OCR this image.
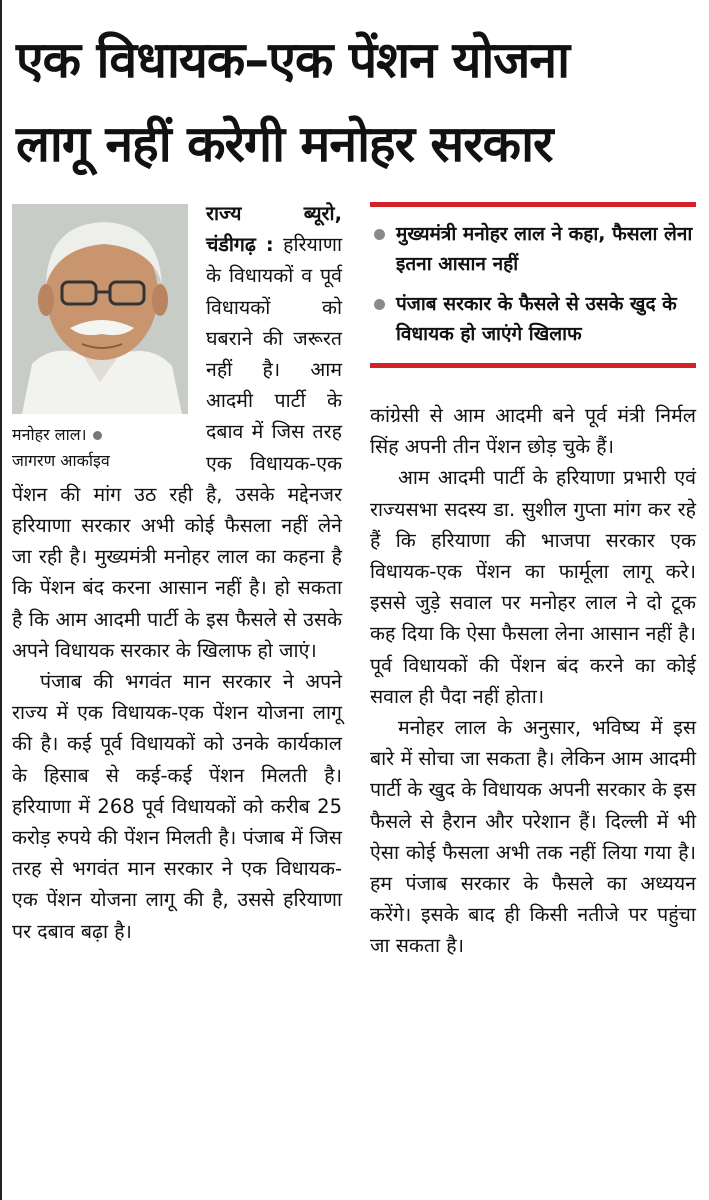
एक विधायक–एक पेंशन योजना
लागू नहीं करेगी मनोहर सरकार
मनोहर लाल।
जागरण आर्काइव

राज्य ब्यूरो, चंडीगढ़ : हरियाणा के विधायकों व पूर्व विधायकों को घबराने की जरूरत नहीं है। आम आदमी पार्टी के दबाव में जिस तरह एक विधायक-एक पेंशन की मांग उठ रही है, उसके मद्देनजर हरियाणा सरकार अभी कोई फैसला नहीं लेने जा रही है। मुख्यमंत्री मनोहर लाल का कहना है कि पेंशन बंद करना आसान नहीं है। हो सकता है कि आम आदमी पार्टी के इस फैसले से उसके अपने विधायक सरकार के खिलाफ हो जाएं।

पंजाब की भगवंत मान सरकार ने अपने राज्य में एक विधायक-एक पेंशन योजना लागू की है। कई पूर्व विधायकों को उनके कार्यकाल के हिसाब से कई-कई पेंशन मिलती है। हरियाणा में 268 पूर्व विधायकों को करीब 25 करोड़ रुपये की पेंशन मिलती है। पंजाब में जिस तरह से भगवंत मान सरकार ने एक विधायक-एक पेंशन योजना लागू की है, उससे हरियाणा पर दबाव बढ़ा है।

मुख्यमंत्री मनोहर लाल ने कहा, फैसला लेना इतना आसान नहीं
पंजाब सरकार के फैसले से उसके खुद के विधायक हो जाएंगे खिलाफ

कांग्रेसी से आम आदमी बने पूर्व मंत्री निर्मल सिंह अपनी तीन पेंशन छोड़ चुके हैं।

आम आदमी पार्टी के हरियाणा प्रभारी एवं राज्यसभा सदस्य डा. सुशील गुप्ता मांग कर रहे हैं कि हरियाणा की भाजपा सरकार एक विधायक-एक पेंशन का फार्मूला लागू करे। इससे जुड़े सवाल पर मनोहर लाल ने दो टूक कह दिया कि ऐसा फैसला लेना आसान नहीं है। पूर्व विधायकों की पेंशन बंद करने का कोई सवाल ही पैदा नहीं होता।

मनोहर लाल के अनुसार, भविष्य में इस बारे में सोचा जा सकता है। लेकिन आम आदमी पार्टी के खुद के विधायक अपनी सरकार के इस फैसले से हैरान और परेशान हैं। दिल्ली में भी ऐसा कोई फैसला अभी तक नहीं लिया गया है। हम पंजाब सरकार के फैसले का अध्ययन करेंगे। इसके बाद ही किसी नतीजे पर पहुंचा जा सकता है।
